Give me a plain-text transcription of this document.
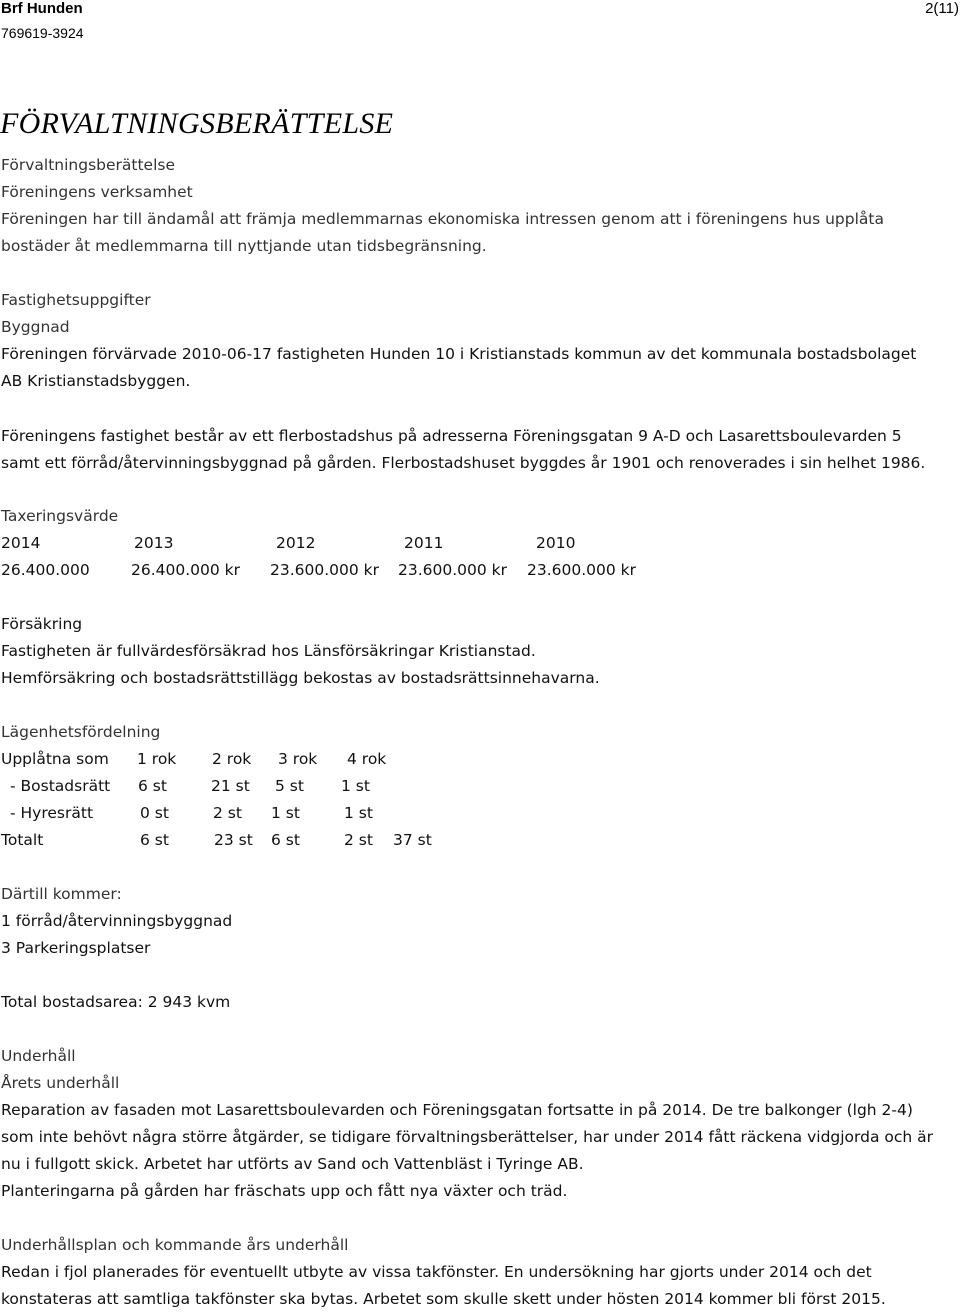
Brf Hunden
769619-3924
2(11)
FÖRVALTNINGSBERÄTTELSE
Förvaltningsberättelse
Föreningens verksamhet
Föreningen har till ändamål att främja medlemmarnas ekonomiska intressen genom att i föreningens hus upplåta
bostäder åt medlemmarna till nyttjande utan tidsbegränsning.
Fastighetsuppgifter
Byggnad
Föreningen förvärvade 2010-06-17 fastigheten Hunden 10 i Kristianstads kommun av det kommunala bostadsbolaget
AB Kristianstadsbyggen.
Föreningens fastighet består av ett flerbostadshus på adresserna Föreningsgatan 9 A-D och Lasarettsboulevarden 5
samt ett förråd/återvinningsbyggnad på gården. Flerbostadshuset byggdes år 1901 och renoverades i sin helhet 1986.
Taxeringsvärde
2014	2013	2012	2011	2010
26.400.000	26.400.000 kr 23.600.000 kr 23.600.000 kr 23.600.000 kr
Försäkring
Fastigheten är fullvärdesförsäkrad hos Länsförsäkringar Kristianstad.
Hemförsäkring och bostadsrättstillägg bekostas av bostadsrättsinnehavarna.
Lägenhetsfördelning
Upplåtna som 1 rok 2 rok 3 rok 4 rok
- Bostadsrätt 6 st	21 st 5 st 1 st
- Hyresrätt	0 st	2 st 1 st	1 st
Totalt	6 st	23 st 6 st	2 st 37 st
Därtill kommer:
1 förråd/återvinningsbyggnad
3 Parkeringsplatser
Total bostadsarea: 2 943 kvm
Underhåll
Årets underhåll
Reparation av fasaden mot Lasarettsboulevarden och Föreningsgatan fortsatte in på 2014. De tre balkonger (lgh 2-4)
som inte behövt några större åtgärder, se tidigare förvaltningsberättelser, har under 2014 fått räckena vidgjorda och är
nu i fullgott skick. Arbetet har utförts av Sand och Vattenbläst i Tyringe AB.
Planteringarna på gården har fräschats upp och fått nya växter och träd.
Underhållsplan och kommande års underhåll
Redan i fjol planerades för eventuellt utbyte av vissa takfönster. En undersökning har gjorts under 2014 och det
konstateras att samtliga takfönster ska bytas. Arbetet som skulle skett under hösten 2014 kommer bli först 2015.
